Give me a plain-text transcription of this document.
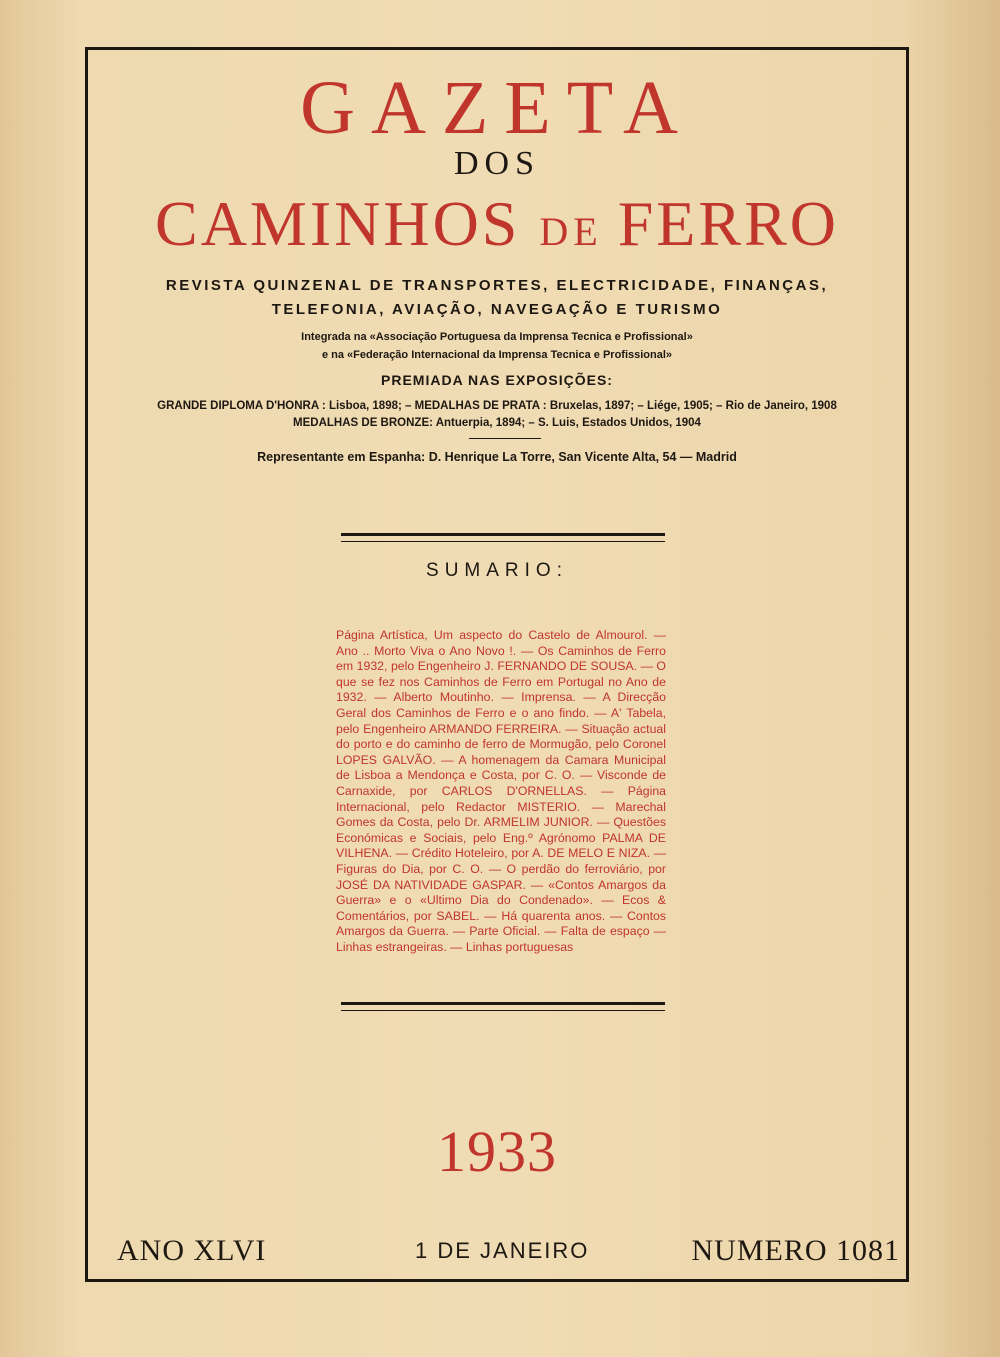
GAZETA
DOS
CAMINHOS DE FERRO
REVISTA QUINZENAL DE TRANSPORTES, ELECTRICIDADE, FINANÇAS,
TELEFONIA, AVIAÇÃO, NAVEGAÇÃO E TURISMO
Integrada na «Associação Portuguesa da Imprensa Tecnica e Profissional»
e na «Federação Internacional da Imprensa Tecnica e Profissional»
PREMIADA NAS EXPOSIÇÕES:
GRANDE DIPLOMA D'HONRA : Lisboa, 1898; – MEDALHAS DE PRATA : Bruxelas, 1897; – Liége, 1905; – Rio de Janeiro, 1908
MEDALHAS DE BRONZE: Antuerpia, 1894; – S. Luis, Estados Unidos, 1904
Representante em Espanha: D. Henrique La Torre, San Vicente Alta, 54 — Madrid
SUMARIO:
Página Artística, Um aspecto do Castelo de Almourol. — Ano .. Morto Viva o Ano Novo !. — Os Caminhos de Ferro em 1932, pelo Engenheiro J. FERNANDO DE SOUSA. — O que se fez nos Caminhos de Ferro em Portugal no Ano de 1932. — Alberto Moutinho. — Imprensa. — A Direcção Geral dos Caminhos de Ferro e o ano findo. — A' Tabela, pelo Engenheiro ARMANDO FERREIRA. — Situação actual do porto e do caminho de ferro de Mormugão, pelo Coronel LOPES GALVÃO. — A homenagem da Camara Municipal de Lisboa a Mendonça e Costa, por C. O. — Visconde de Carnaxide, por CARLOS D'ORNELLAS. — Página Internacional, pelo Redactor MISTERIO. — Marechal Gomes da Costa, pelo Dr. ARMELIM JUNIOR. — Questões Económicas e Sociais, pelo Eng.º Agrónomo PALMA DE VILHENA. — Crédito Hoteleiro, por A. DE MELO E NIZA. — Figuras do Dia, por C. O. — O perdão do ferroviário, por JOSÉ DA NATIVIDADE GASPAR. — «Contos Amargos da Guerra» e o «Ultimo Dia do Condenado». — Ecos & Comentários, por SABEL. — Há quarenta anos. — Contos Amargos da Guerra. — Parte Oficial. — Falta de espaço — Linhas estrangeiras. — Linhas portuguesas
1933
ANO XLVI	1 DE JANEIRO	NUMERO 1081
